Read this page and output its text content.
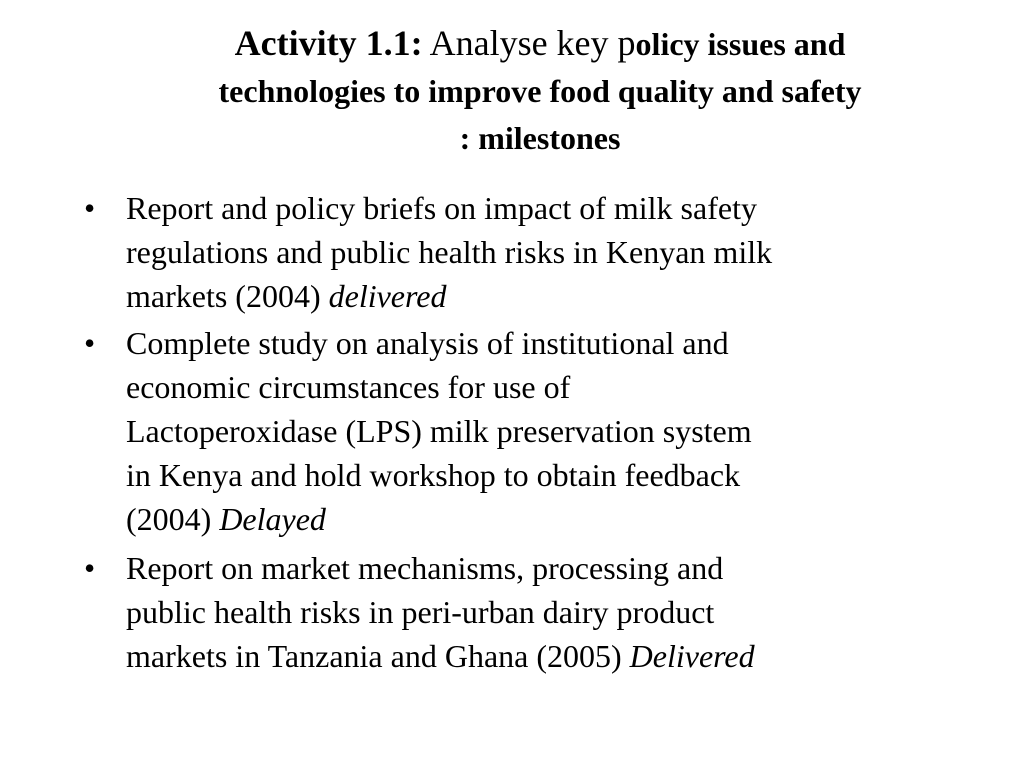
Activity 1.1: Analyse key policy issues and
technologies to improve food quality and safety
: milestones
• Report and policy briefs on impact of milk safety
regulations and public health risks in Kenyan milk
markets (2004) delivered
• Complete study on analysis of institutional and
economic circumstances for use of
Lactoperoxidase (LPS) milk preservation system
in Kenya and hold workshop to obtain feedback
(2004) Delayed
• Report on market mechanisms, processing and
public health risks in peri-urban dairy product
markets in Tanzania and Ghana (2005) Delivered
